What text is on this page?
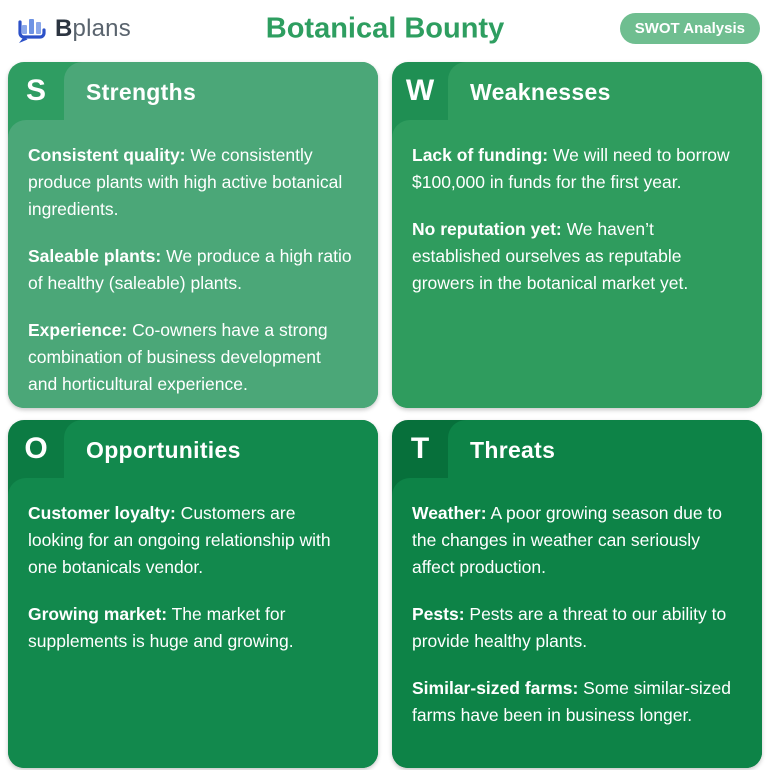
Bplans	Botanical Bounty	SWOT Analysis
S Strengths

Consistent quality: We consistently produce plants with high active botanical ingredients.

Saleable plants: We produce a high ratio of healthy (saleable) plants.

Experience: Co-owners have a strong combination of business development and horticultural experience.

W Weaknesses

Lack of funding: We will need to borrow $100,000 in funds for the first year.

No reputation yet: We haven’t established ourselves as reputable growers in the botanical market yet.

O Opportunities

Customer loyalty: Customers are looking for an ongoing relationship with one botanicals vendor.

Growing market: The market for supplements is huge and growing.

T Threats

Weather: A poor growing season due to the changes in weather can seriously affect production.

Pests: Pests are a threat to our ability to provide healthy plants.

Similar-sized farms: Some similar-sized farms have been in business longer.
